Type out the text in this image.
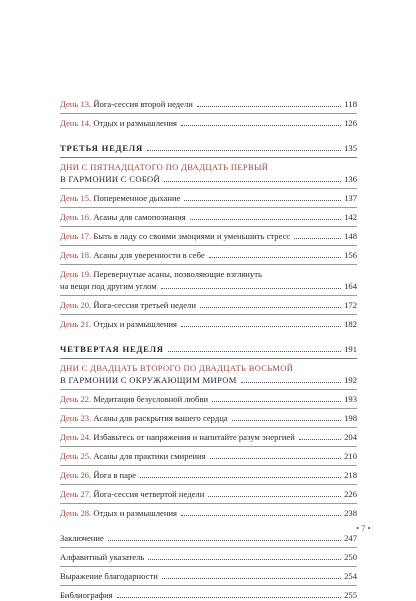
День 13. Йога-сессия второй недели	118
День 14. Отдых и размышления	126
ТРЕТЬЯ НЕДЕЛЯ	135
ДНИ С ПЯТНАДЦАТОГО ПО ДВАДЦАТЬ ПЕРВЫЙ
В ГАРМОНИИ С СОБОЙ	136
День 15. Попеременное дыхание	137
День 16. Асаны для самопознания	142
День 17. Быть в ладу со своими эмоциями и уменьшить стресс	148
День 18. Асаны для уверенности в себе	156
День 19. Перевернутые асаны, позволяющие взглянуть
на вещи под другим углом	164
День 20. Йога-сессия третьей недели	172
День 21. Отдых и размышления	182
ЧЕТВЕРТАЯ НЕДЕЛЯ	191
ДНИ С ДВАДЦАТЬ ВТОРОГО ПО ДВАДЦАТЬ ВОСЬМОЙ
В ГАРМОНИИ С ОКРУЖАЮЩИМ МИРОМ	192
День 22. Медитация безусловной любви	193
День 23. Асаны для раскрытия вашего сердца	198
День 24. Избавьтесь от напряжения и напитайте разум энергией	204
День 25. Асаны для практики смирения	210
День 26. Йога в паре	218
День 27. Йога-сессия четвертой недели	226
День 28. Отдых и размышления	238
Заключение	247
Алфавитный указатель	250
Выражение благодарности	254
Библиография	255
• 7 •
